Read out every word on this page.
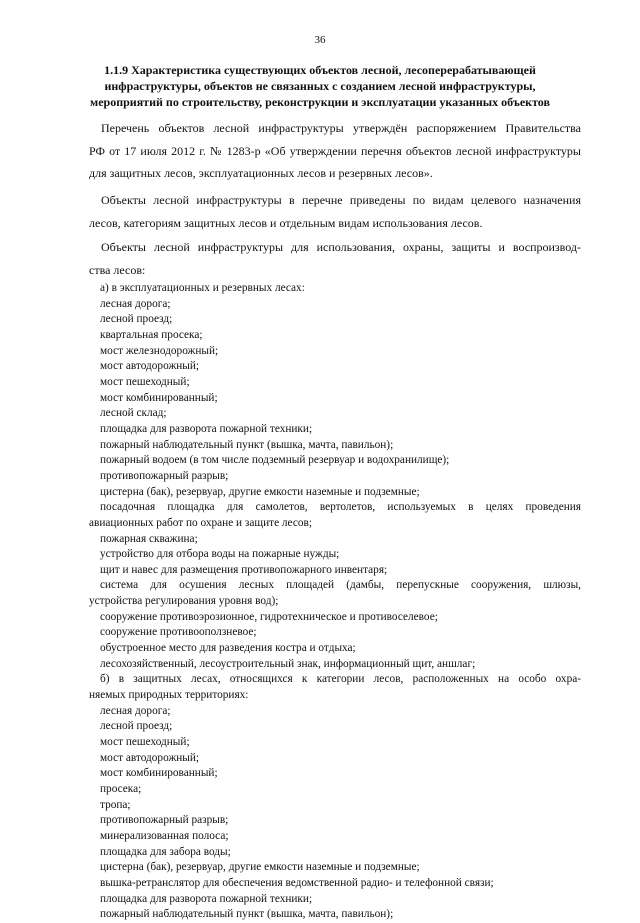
36
1.1.9 Характеристика существующих объектов лесной, лесоперерабатывающей
инфраструктуры, объектов не связанных с созданием лесной инфраструктуры,
мероприятий по строительству, реконструкции и эксплуатации указанных объектов
Перечень объектов лесной инфраструктуры утверждён распоряжением Правительства
РФ от 17 июля 2012 г. № 1283-р «Об утверждении перечня объектов лесной инфраструктуры
для защитных лесов, эксплуатационных лесов и резервных лесов».
Объекты лесной инфраструктуры в перечне приведены по видам целевого назначения
лесов, категориям защитных лесов и отдельным видам использования лесов.
Объекты лесной инфраструктуры для использования, охраны, защиты и воспроизвод-
ства лесов:
а) в эксплуатационных и резервных лесах:
лесная дорога;
лесной проезд;
квартальная просека;
мост железнодорожный;
мост автодорожный;
мост пешеходный;
мост комбинированный;
лесной склад;
площадка для разворота пожарной техники;
пожарный наблюдательный пункт (вышка, мачта, павильон);
пожарный водоем (в том числе подземный резервуар и водохранилище);
противопожарный разрыв;
цистерна (бак), резервуар, другие емкости наземные и подземные;
посадочная площадка для самолетов, вертолетов, используемых в целях проведения
авиационных работ по охране и защите лесов;
пожарная скважина;
устройство для отбора воды на пожарные нужды;
щит и навес для размещения противопожарного инвентаря;
система для осушения лесных площадей (дамбы, перепускные сооружения, шлюзы,
устройства регулирования уровня вод);
сооружение противоэрозионное, гидротехническое и противоселевое;
сооружение противооползневое;
обустроенное место для разведения костра и отдыха;
лесохозяйственный, лесоустроительный знак, информационный щит, аншлаг;
б) в защитных лесах, относящихся к категории лесов, расположенных на особо охра-
няемых природных территориях:
лесная дорога;
лесной проезд;
мост пешеходный;
мост автодорожный;
мост комбинированный;
просека;
тропа;
противопожарный разрыв;
минерализованная полоса;
площадка для забора воды;
цистерна (бак), резервуар, другие емкости наземные и подземные;
вышка-ретранслятор для обеспечения ведомственной радио- и телефонной связи;
площадка для разворота пожарной техники;
пожарный наблюдательный пункт (вышка, мачта, павильон);
